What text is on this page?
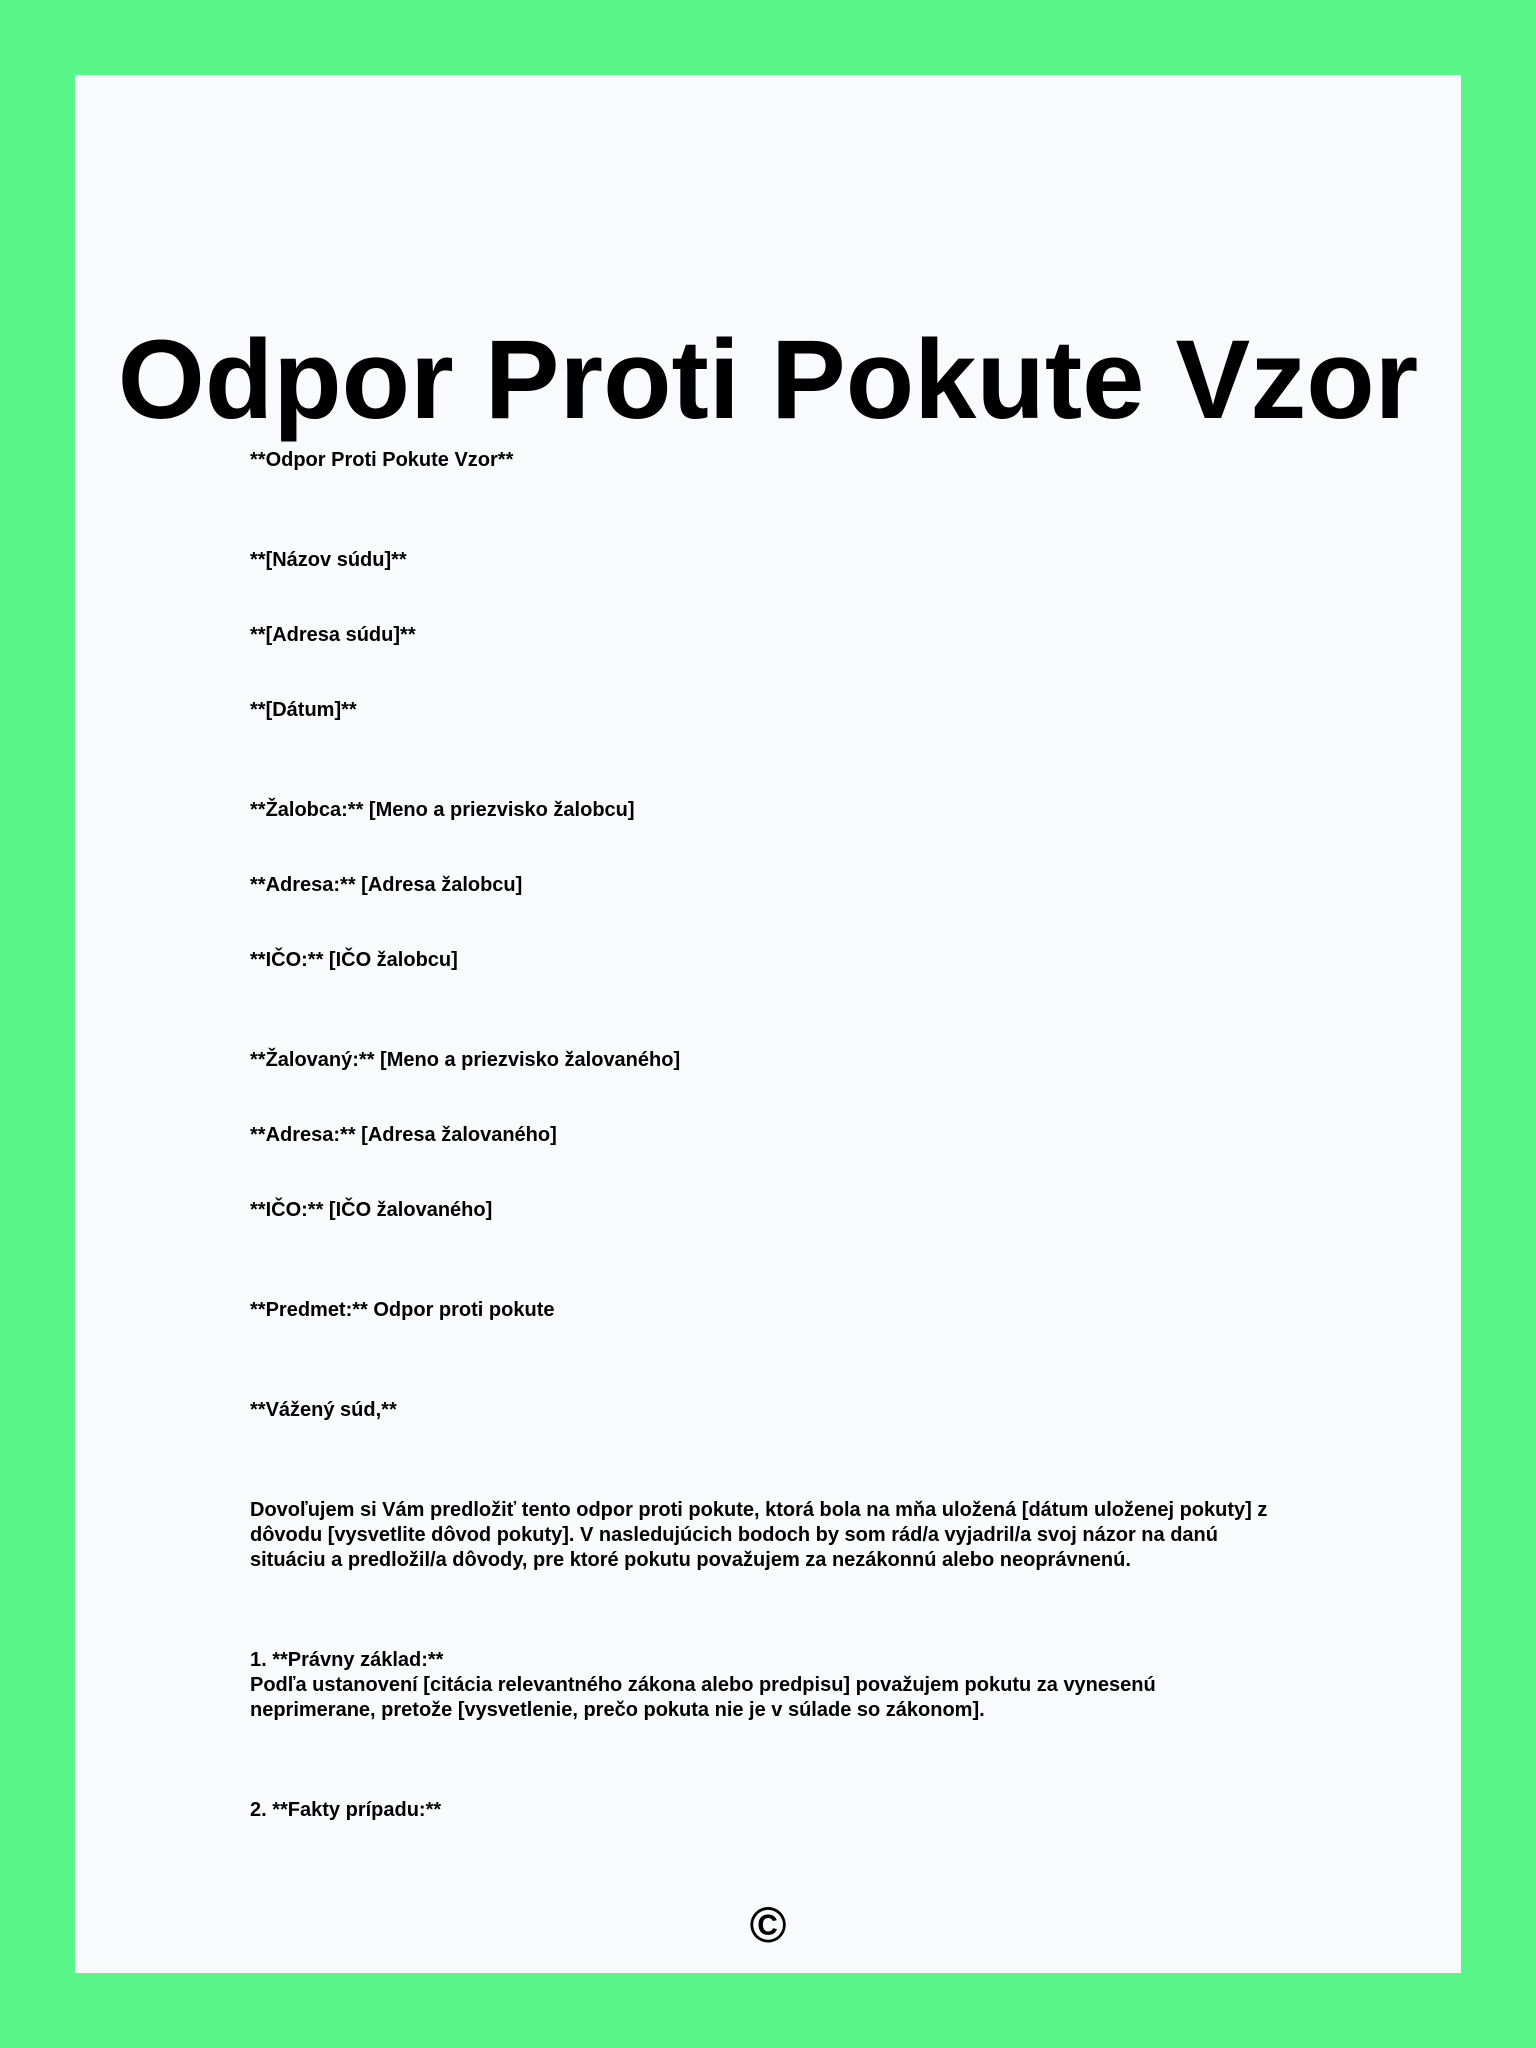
Odpor Proti Pokute Vzor

**Odpor Proti Pokute Vzor**

**[Názov súdu]**

**[Adresa súdu]**

**[Dátum]**

**Žalobca:** [Meno a priezvisko žalobcu]

**Adresa:** [Adresa žalobcu]

**IČO:** [IČO žalobcu]

**Žalovaný:** [Meno a priezvisko žalovaného]

**Adresa:** [Adresa žalovaného]

**IČO:** [IČO žalovaného]

**Predmet:** Odpor proti pokute

**Vážený súd,**

Dovoľujem si Vám predložiť tento odpor proti pokute, ktorá bola na mňa uložená [dátum uloženej pokuty] z
dôvodu [vysvetlite dôvod pokuty]. V nasledujúcich bodoch by som rád/a vyjadril/a svoj názor na danú
situáciu a predložil/a dôvody, pre ktoré pokutu považujem za nezákonnú alebo neoprávnenú.
1. **Právny základ:**
Podľa ustanovení [citácia relevantného zákona alebo predpisu] považujem pokutu za vynesenú
neprimerane, pretože [vysvetlenie, prečo pokuta nie je v súlade so zákonom].

2. **Fakty prípadu:**

©
